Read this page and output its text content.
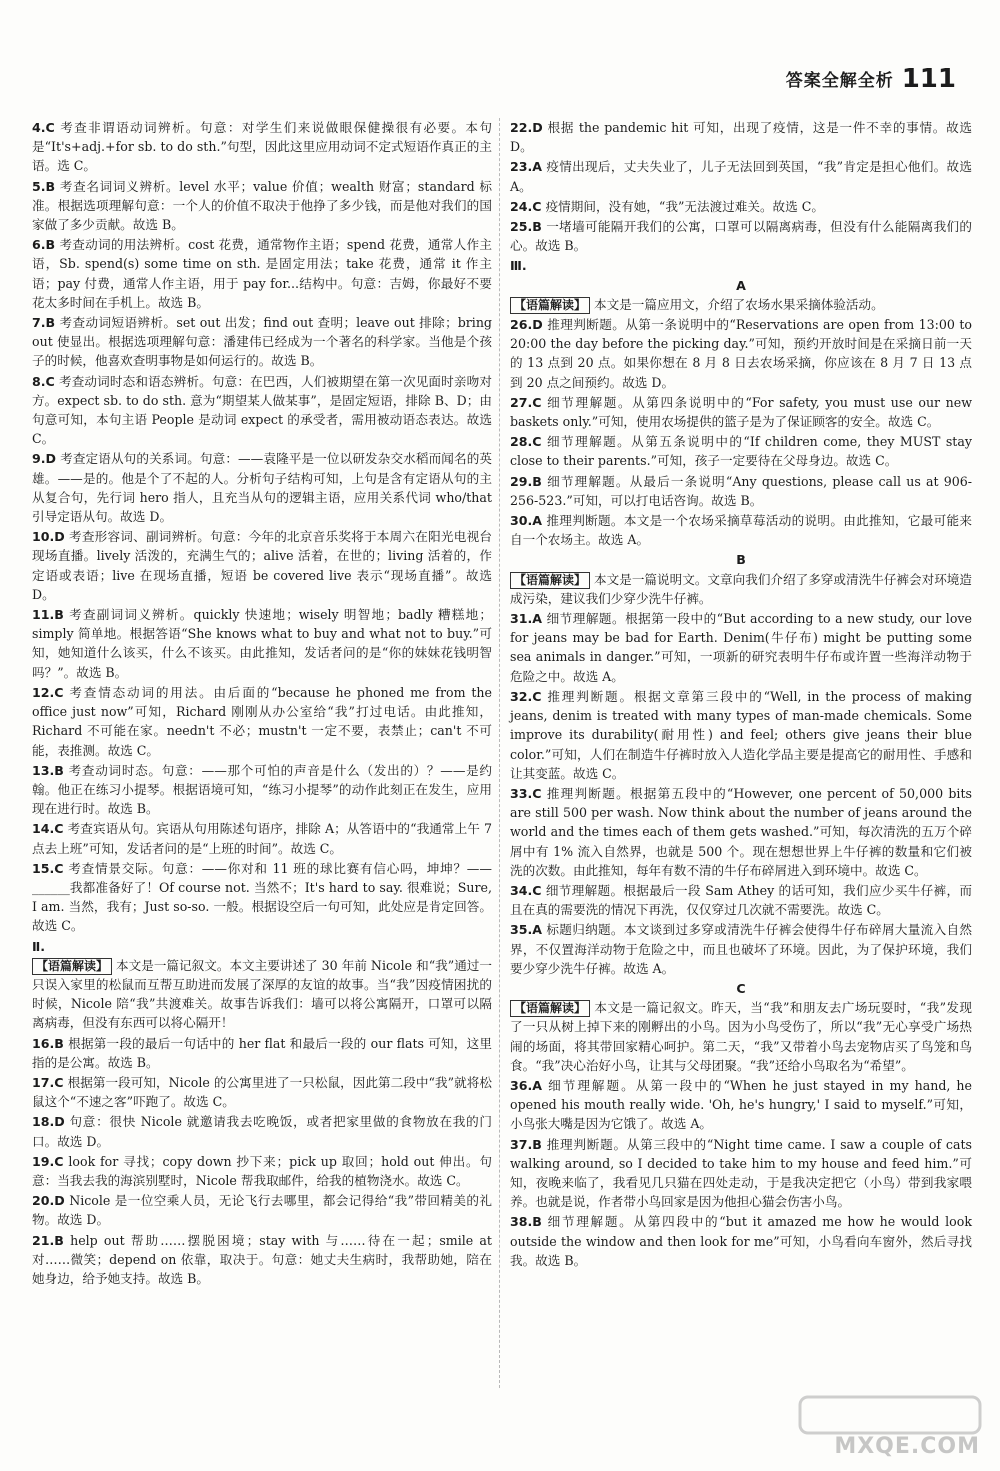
答案全解全析 111

4.C 考查非谓语动词辨析。句意：对学生们来说做眼保健操很有必要。本句是“It's+adj.+for sb. to do sth.”句型，因此这里应用动词不定式短语作真正的主语。选 C。

5.B 考查名词词义辨析。level 水平；value 价值；wealth 财富；standard 标准。根据选项理解句意：一个人的价值不取决于他挣了多少钱，而是他对我们的国家做了多少贡献。故选 B。

6.B 考查动词的用法辨析。cost 花费，通常物作主语；spend 花费，通常人作主语，Sb. spend(s) some time on sth. 是固定用法；take 花费，通常 it 作主语；pay 付费，通常人作主语，用于 pay for...结构中。句意：吉姆，你最好不要花太多时间在手机上。故选 B。

7.B 考查动词短语辨析。set out 出发；find out 查明；leave out 排除；bring out 使显出。根据选项理解句意：潘建伟已经成为一个著名的科学家。当他是个孩子的时候，他喜欢查明事物是如何运行的。故选 B。

8.C 考查动词时态和语态辨析。句意：在巴西，人们被期望在第一次见面时亲吻对方。expect sb. to do sth. 意为“期望某人做某事”，是固定短语，排除 B、D；由句意可知，本句主语 People 是动词 expect 的承受者，需用被动语态表达。故选 C。

9.D 考查定语从句的关系词。句意：——袁隆平是一位以研发杂交水稻而闻名的英雄。——是的。他是个了不起的人。分析句子结构可知，上句是含有定语从句的主从复合句，先行词 hero 指人，且充当从句的逻辑主语，应用关系代词 who/that 引导定语从句。故选 D。

10.D 考查形容词、副词辨析。句意：今年的北京音乐奖将于本周六在阳光电视台现场直播。lively 活泼的，充满生气的；alive 活着，在世的；living 活着的，作定语或表语；live 在现场直播，短语 be covered live 表示“现场直播”。故选 D。

11.B 考查副词词义辨析。quickly 快速地；wisely 明智地；badly 糟糕地；simply 简单地。根据答语“She knows what to buy and what not to buy.”可知，她知道什么该买，什么不该买。由此推知，发话者问的是“你的妹妹花钱明智吗？”。故选 B。

12.C 考查情态动词的用法。由后面的“because he phoned me from the office just now”可知，Richard 刚刚从办公室给“我”打过电话。由此推知，Richard 不可能在家。needn't 不必；mustn't 一定不要，表禁止；can't 不可能，表推测。故选 C。

13.B 考查动词时态。句意：——那个可怕的声音是什么（发出的）？——是约翰。他正在练习小提琴。根据语境可知，“练习小提琴”的动作此刻正在发生，应用现在进行时。故选 B。

14.C 考查宾语从句。宾语从句用陈述句语序，排除 A；从答语中的“我通常上午 7 点去上班”可知，发话者问的是“上班的时间”。故选 C。

15.C 考查情景交际。句意：——你对和 11 班的球比赛有信心吗，坤坤？——______我都准备好了！Of course not. 当然不；It's hard to say. 很难说；Sure, I am. 当然，我有；Just so-so. 一般。根据设空后一句可知，此处应是肯定回答。故选 C。

Ⅱ.

【语篇解读】 本文是一篇记叙文。本文主要讲述了 30 年前 Nicole 和“我”通过一只误入家里的松鼠而互帮互助进而发展了深厚的友谊的故事。当“我”因疫情困扰的时候，Nicole 陪“我”共渡难关。故事告诉我们：墙可以将公寓隔开，口罩可以隔离病毒，但没有东西可以将心隔开！

16.B 根据第一段的最后一句话中的 her flat 和最后一段的 our flats 可知，这里指的是公寓。故选 B。

17.C 根据第一段可知，Nicole 的公寓里进了一只松鼠，因此第二段中“我”就将松鼠这个“不速之客”吓跑了。故选 C。

18.D 句意：很快 Nicole 就邀请我去吃晚饭，或者把家里做的食物放在我的门口。故选 D。

19.C look for 寻找；copy down 抄下来；pick up 取回；hold out 伸出。句意：当我去我的海滨别墅时，Nicole 帮我取邮件，给我的植物浇水。故选 C。

20.D Nicole 是一位空乘人员，无论飞行去哪里，都会记得给“我”带回精美的礼物。故选 D。

21.B help out 帮助……摆脱困境；stay with 与……待在一起；smile at 对……微笑；depend on 依靠，取决于。句意：她丈夫生病时，我帮助她，陪在她身边，给予她支持。故选 B。

22.D 根据 the pandemic hit 可知，出现了疫情，这是一件不幸的事情。故选 D。

23.A 疫情出现后，丈夫失业了，儿子无法回到英国，“我”肯定是担心他们。故选 A。

24.C 疫情期间，没有她，“我”无法渡过难关。故选 C。

25.B 一堵墙可能隔开我们的公寓，口罩可以隔离病毒，但没有什么能隔离我们的心。故选 B。

Ⅲ.

A

【语篇解读】 本文是一篇应用文，介绍了农场水果采摘体验活动。

26.D 推理判断题。从第一条说明中的“Reservations are open from 13:00 to 20:00 the day before the picking day.”可知，预约开放时间是在采摘日前一天的 13 点到 20 点。如果你想在 8 月 8 日去农场采摘，你应该在 8 月 7 日 13 点到 20 点之间预约。故选 D。

27.C 细节理解题。从第四条说明中的“For safety, you must use our new baskets only.”可知，使用农场提供的篮子是为了保证顾客的安全。故选 C。

28.C 细节理解题。从第五条说明中的“If children come, they MUST stay close to their parents.”可知，孩子一定要待在父母身边。故选 C。

29.B 细节理解题。从最后一条说明“Any questions, please call us at 906-256-523.”可知，可以打电话咨询。故选 B。

30.A 推理判断题。本文是一个农场采摘草莓活动的说明。由此推知，它最可能来自一个农场主。故选 A。

B

【语篇解读】 本文是一篇说明文。文章向我们介绍了多穿或清洗牛仔裤会对环境造成污染，建议我们少穿少洗牛仔裤。

31.A 细节理解题。根据第一段中的“But according to a new study, our love for jeans may be bad for Earth. Denim(牛仔布) might be putting some sea animals in danger.”可知，一项新的研究表明牛仔布或许置一些海洋动物于危险之中。故选 A。

32.C 推理判断题。根据文章第三段中的“Well, in the process of making jeans, denim is treated with many types of man-made chemicals. Some improve its durability(耐用性) and feel; others give jeans their blue color.”可知，人们在制造牛仔裤时放入人造化学品主要是提高它的耐用性、手感和让其变蓝。故选 C。

33.C 推理判断题。根据第五段中的“However, one percent of 50,000 bits are still 500 per wash. Now think about the number of jeans around the world and the times each of them gets washed.”可知，每次清洗的五万个碎屑中有 1% 流入自然界，也就是 500 个。现在想想世界上牛仔裤的数量和它们被洗的次数。由此推知，每年有数不清的牛仔布碎屑进入到环境中。故选 C。

34.C 细节理解题。根据最后一段 Sam Athey 的话可知，我们应少买牛仔裤，而且在真的需要洗的情况下再洗，仅仅穿过几次就不需要洗。故选 C。

35.A 标题归纳题。本文谈到过多穿或清洗牛仔裤会使得牛仔布碎屑大量流入自然界，不仅置海洋动物于危险之中，而且也破坏了环境。因此，为了保护环境，我们要少穿少洗牛仔裤。故选 A。

C

【语篇解读】 本文是一篇记叙文。昨天，当“我”和朋友去广场玩耍时，“我”发现了一只从树上掉下来的刚孵出的小鸟。因为小鸟受伤了，所以“我”无心享受广场热闹的场面，将其带回家精心呵护。第二天，“我”又带着小鸟去宠物店买了鸟笼和鸟食。“我”决心治好小鸟，让其与父母团聚。“我”还给小鸟取名为“希望”。

36.A 细节理解题。从第一段中的“When he just stayed in my hand, he opened his mouth really wide. 'Oh, he's hungry,' I said to myself.”可知，小鸟张大嘴是因为它饿了。故选 A。

37.B 推理判断题。从第三段中的“Night time came. I saw a couple of cats walking around, so I decided to take him to my house and feed him.”可知，夜晚来临了，我看见几只猫在四处走动，于是我决定把它（小鸟）带到我家喂养。也就是说，作者带小鸟回家是因为他担心猫会伤害小鸟。

38.B 细节理解题。从第四段中的“but it amazed me how he would look outside the window and then look for me”可知，小鸟看向车窗外，然后寻找我。故选 B。

MXQE.COM
